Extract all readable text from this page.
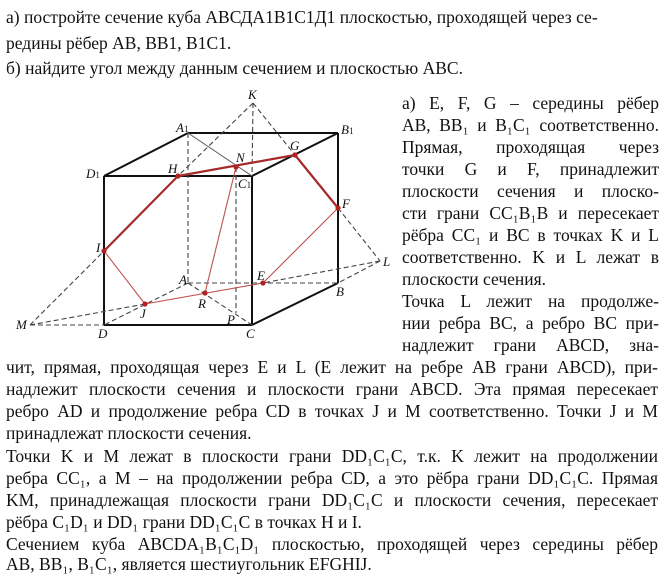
а) постройте сечение куба АВСДА1В1С1Д1 плоскостью, проходящей через се-
редины рёбер АВ, ВВ1, В1С1.
б) найдите угол между данным сечением и плоскостью АВС.
K
A1	B1
D1
C1
H
N
G
F
I
A	E
B
L
R
J
D	C
P
M
а) E, F, G – середины рёбер
AB, BB₁ и B₁C₁ соответственно.
Прямая, проходящая через
точки G и F, принадлежит
плоскости сечения и плоско-
сти грани CC₁B₁B и пересекает
рёбра CC₁ и BC в точках K и L
соответственно. K и L лежат в
плоскости сечения.
Точка L лежит на продолже-
нии ребра BC, а ребро BC при-
надлежит грани ABCD, зна-
чит, прямая, проходящая через E и L (E лежит на ребре AB грани ABCD), при-
надлежит плоскости сечения и плоскости грани ABCD. Эта прямая пересекает
ребро AD и продолжение ребра CD в точках J и M соответственно. Точки J и M
принадлежат плоскости сечения.
Точки K и M лежат в плоскости грани DD₁C₁C, т.к. K лежит на продолжении
ребра CC₁, а M – на продолжении ребра CD, а это рёбра грани DD₁C₁C. Прямая
KM, принадлежащая плоскости грани DD₁C₁C и плоскости сечения, пересекает
рёбра C₁D₁ и DD₁ грани DD₁C₁C в точках H и I.
Сечением куба ABCDA₁B₁C₁D₁ плоскостью, проходящей через середины рёбер
AB, BB₁, B₁C₁, является шестиугольник EFGHIJ.
